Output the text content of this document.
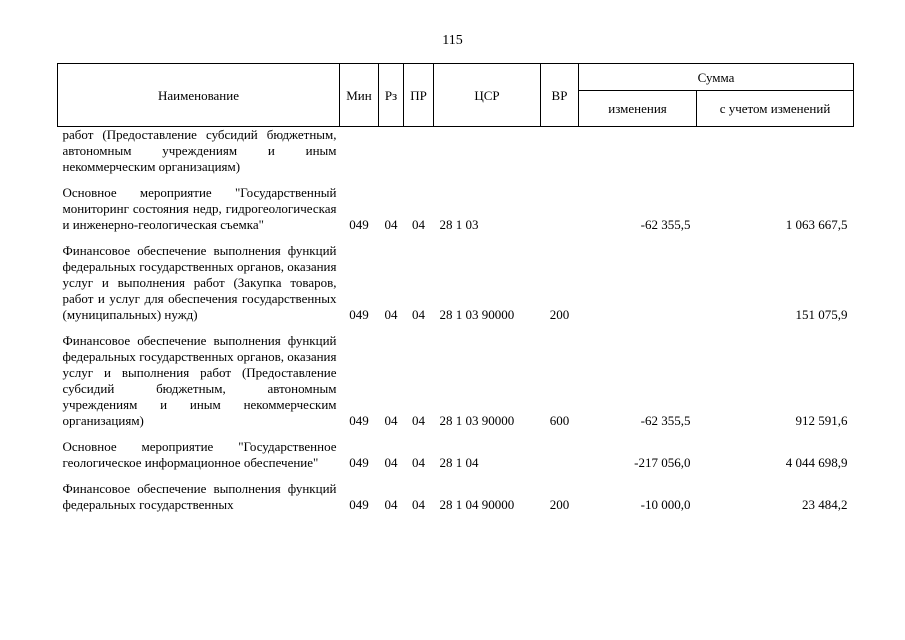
115
Наименование	Мин	Рз	ПР	ЦСР	ВР	Сумма	
						изменения	с учетом изменений
работ (Предоставление субсидий бюджетным, автономным учреждениям и иным некоммерческим организациям)							
Основное мероприятие "Государственный мониторинг состояния недр, гидрогеологическая и инженерно-геологическая съемка"	049	04	04	28 1 03		-62 355,5	1 063 667,5
Финансовое обеспечение выполнения функций федеральных государственных органов, оказания услуг и выполнения работ (Закупка товаров, работ и услуг для обеспечения государственных (муниципальных) нужд)	049	04	04	28 1 03 90000	200		151 075,9
Финансовое обеспечение выполнения функций федеральных государственных органов, оказания услуг и выполнения работ (Предоставление субсидий бюджетным, автономным учреждениям и иным некоммерческим организациям)	049	04	04	28 1 03 90000	600	-62 355,5	912 591,6
Основное мероприятие "Государственное геологическое информационное обеспечение"	049	04	04	28 1 04		-217 056,0	4 044 698,9
Финансовое обеспечение выполнения функций федеральных государственных	049	04	04	28 1 04 90000	200	-10 000,0	23 484,2
